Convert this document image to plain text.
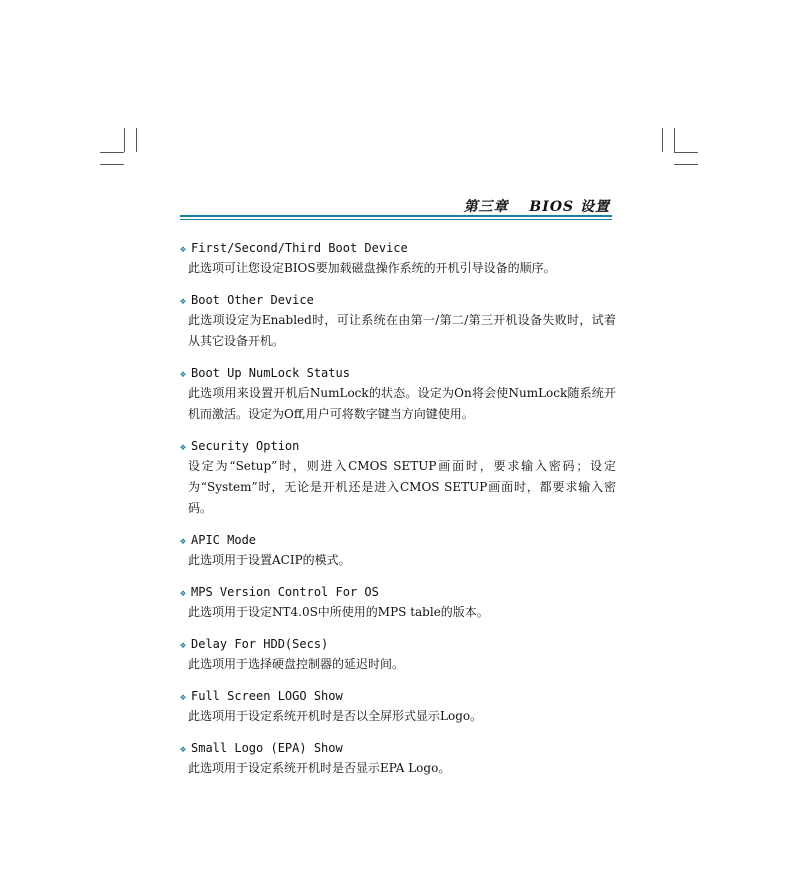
第三章　 BIOS 设置
❖ First/Second/Third Boot Device
此选项可让您设定BIOS要加载磁盘操作系统的开机引导设备的顺序。
❖ Boot Other Device
此选项设定为Enabled时，可让系统在由第一/第二/第三开机设备失败时，试着从其它设备开机。
❖ Boot Up NumLock Status
此选项用来设置开机后NumLock的状态。设定为On将会使NumLock随系统开机而激活。设定为Off,用户可将数字键当方向键使用。
❖ Security Option
设定为“Setup”时，则进入CMOS SETUP画面时，要求输入密码；设定为“System”时，无论是开机还是进入CMOS SETUP画面时，都要求输入密码。
❖ APIC Mode
此选项用于设置ACIP的模式。
❖ MPS Version Control For OS
此选项用于设定NT4.0S中所使用的MPS table的版本。
❖ Delay For HDD(Secs)
此选项用于选择硬盘控制器的延迟时间。
❖ Full Screen LOGO Show
此选项用于设定系统开机时是否以全屏形式显示Logo。
❖ Small Logo (EPA) Show
此选项用于设定系统开机时是否显示EPA Logo。
